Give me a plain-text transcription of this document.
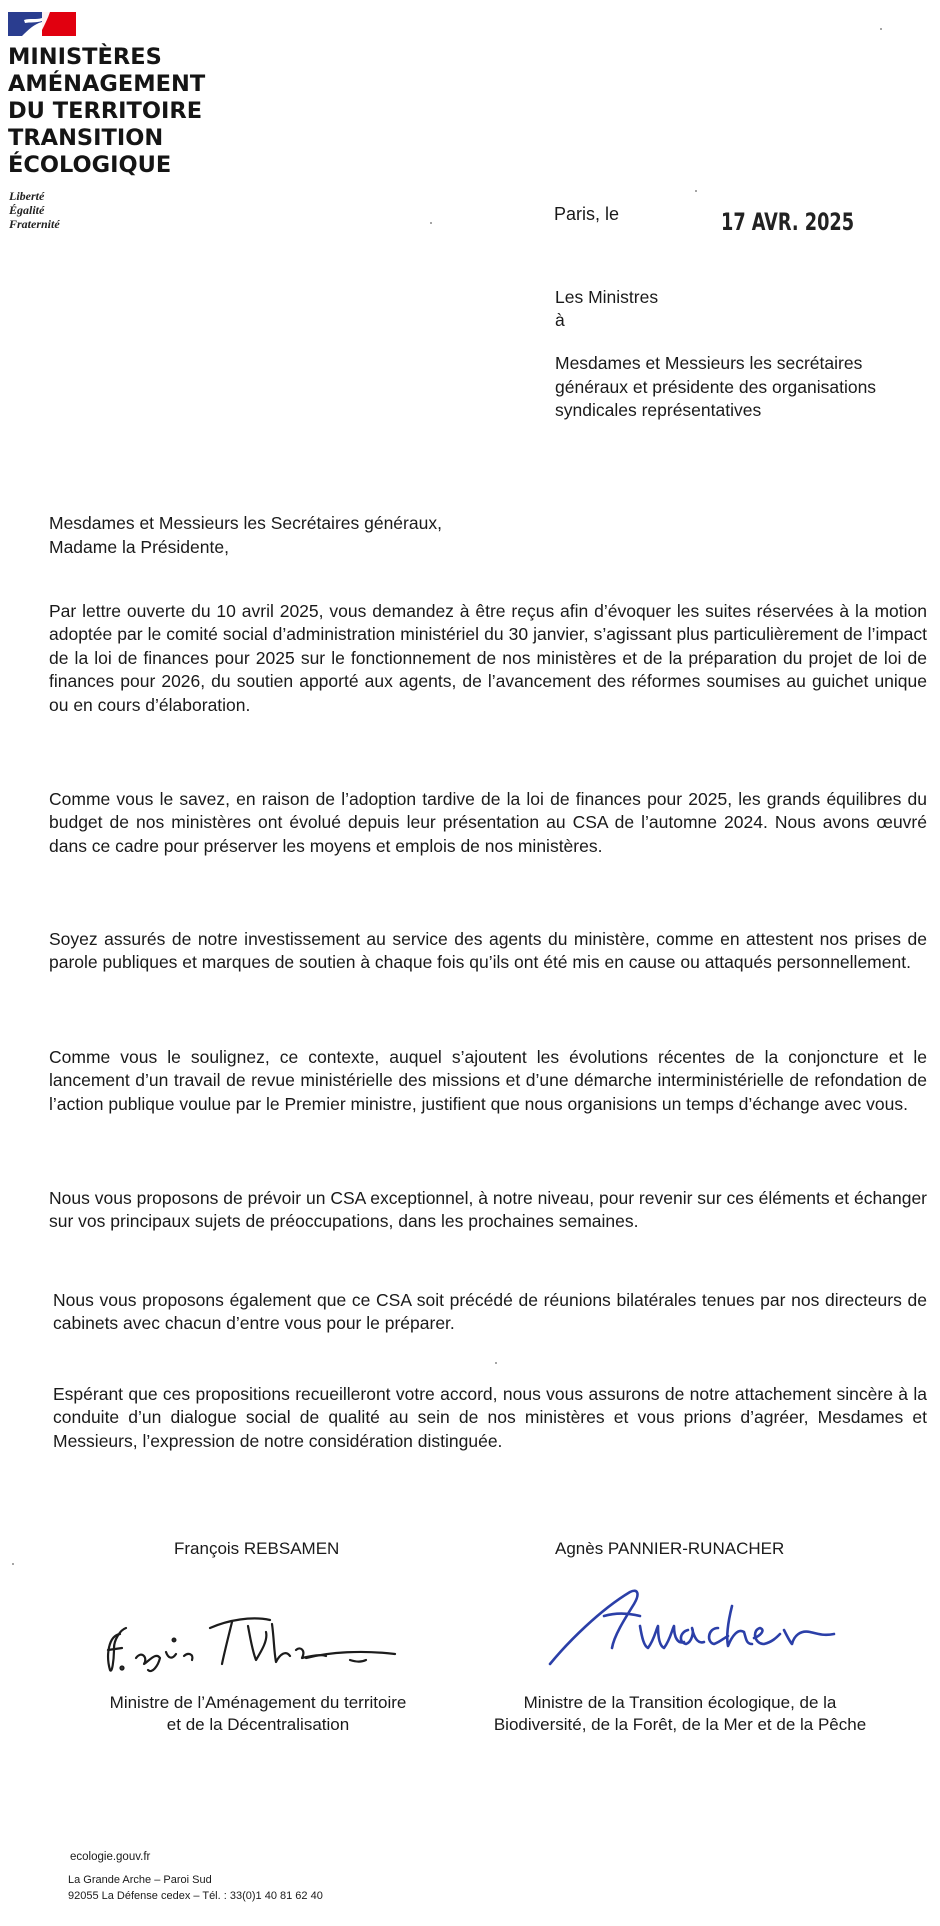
MINISTÈRES
AMÉNAGEMENT
DU TERRITOIRE
TRANSITION
ÉCOLOGIQUE
Liberté
Égalité
Fraternité	Paris, le	17 AVR. 2025
Les Ministres
à
Mesdames et Messieurs les secrétaires généraux et présidente des organisations syndicales représentatives
Mesdames et Messieurs les Secrétaires généraux,
Madame la Présidente,
Par lettre ouverte du 10 avril 2025, vous demandez à être reçus afin d’évoquer les suites réservées à la motion adoptée par le comité social d’administration ministériel du 30 janvier, s’agissant plus particulièrement de l’impact de la loi de finances pour 2025 sur le fonctionnement de nos ministères et de la préparation du projet de loi de finances pour 2026, du soutien apporté aux agents, de l’avancement des réformes soumises au guichet unique ou en cours d’élaboration.
Comme vous le savez, en raison de l’adoption tardive de la loi de finances pour 2025, les grands équilibres du budget de nos ministères ont évolué depuis leur présentation au CSA de l’automne 2024. Nous avons œuvré dans ce cadre pour préserver les moyens et emplois de nos ministères.
Soyez assurés de notre investissement au service des agents du ministère, comme en attestent nos prises de parole publiques et marques de soutien à chaque fois qu’ils ont été mis en cause ou attaqués personnellement.
Comme vous le soulignez, ce contexte, auquel s’ajoutent les évolutions récentes de la conjoncture et le lancement d’un travail de revue ministérielle des missions et d’une démarche interministérielle de refondation de l’action publique voulue par le Premier ministre, justifient que nous organisions un temps d’échange avec vous.
Nous vous proposons de prévoir un CSA exceptionnel, à notre niveau, pour revenir sur ces éléments et échanger sur vos principaux sujets de préoccupations, dans les prochaines semaines.
Nous vous proposons également que ce CSA soit précédé de réunions bilatérales tenues par nos directeurs de cabinets avec chacun d’entre vous pour le préparer.
Espérant que ces propositions recueilleront votre accord, nous vous assurons de notre attachement sincère à la conduite d’un dialogue social de qualité au sein de nos ministères et vous prions d’agréer, Mesdames et Messieurs, l’expression de notre considération distinguée.
François REBSAMEN	Agnès PANNIER-RUNACHER
Ministre de l’Aménagement du territoire
et de la Décentralisation
Ministre de la Transition écologique, de la
Biodiversité, de la Forêt, de la Mer et de la Pêche
ecologie.gouv.fr
La Grande Arche – Paroi Sud
92055 La Défense cedex – Tél. : 33(0)1 40 81 62 40
